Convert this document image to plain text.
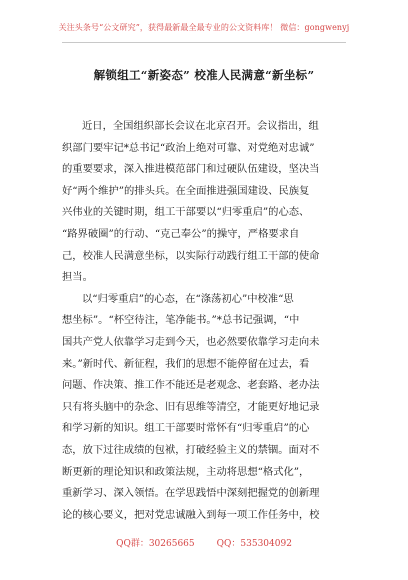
关注头条号“公文研究”，获得最新最全最专业的公文资料库！ 微信：gongwenyj
解锁组工“新姿态” 校准人民满意“新坐标”
近日，全国组织部长会议在北京召开。会议指出，组
织部门要牢记*总书记“政治上绝对可靠、对党绝对忠诚”
的重要要求，深入推进模范部门和过硬队伍建设，坚决当
好“两个维护”的排头兵。在全面推进强国建设、民族复
兴伟业的关键时期，组工干部要以“归零重启”的心态、
“路界破圈”的行动、“克己奉公”的操守，严格要求自
己，校准人民满意坐标，以实际行动践行组工干部的使命
担当。
以“归零重启”的心态，在“涤荡初心”中校准“思
想坐标”。“杯空待注，笔净能书。”*总书记强调，“中
国共产党人依靠学习走到今天，也必然要依靠学习走向未
来。”新时代、新征程，我们的思想不能停留在过去，看
问题、作决策、推工作不能还是老观念、老套路、老办法
只有将头脑中的杂念、旧有思维等清空，才能更好地记录
和学习新的知识。组工干部要时常怀有“归零重启”的心
态，放下过往成绩的包袱，打破经验主义的禁锢。面对不
断更新的理论知识和政策法规，主动将思想“格式化”，
重新学习、深入领悟。在学思践悟中深刻把握党的创新理
论的核心要义，把对党忠诚融入到每一项工作任务中，校
QQ群：30265665 QQ：535304092
